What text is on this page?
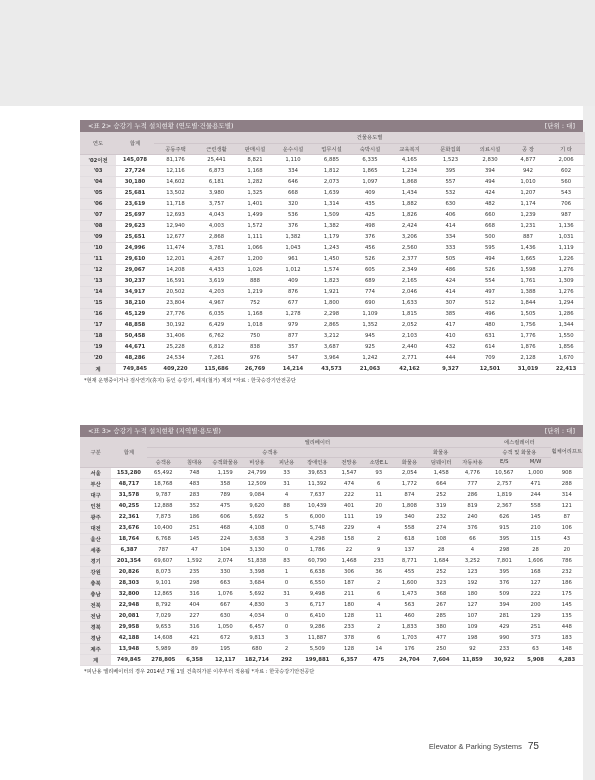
<표 2> 승강기 누적 설치현황 (연도별·건물용도별)	[단위 : 대]
연도	합계	건물용도별										
		공동주택	근린생활	판매시설	운수시설	업무시설	숙박시설	교육복지	문화집회	의료시설	공 장	기 타
'02이전	145,078	81,176	25,441	8,821	1,110	6,885	6,335	4,165	1,523	2,830	4,877	2,006
'03	27,724	12,116	6,873	1,168	334	1,812	1,865	1,234	395	394	942	602
'04	30,180	14,602	6,181	1,282	646	2,073	1,097	1,868	557	494	1,010	560
'05	25,681	13,502	3,980	1,325	668	1,639	409	1,434	532	424	1,207	543
'06	23,619	11,718	3,757	1,401	320	1,314	435	1,882	630	482	1,174	706
'07	25,697	12,693	4,043	1,499	536	1,509	425	1,826	406	660	1,239	987
'08	29,623	12,940	4,003	1,572	376	1,382	498	2,424	414	668	1,231	1,136
'09	25,651	12,677	2,868	1,111	1,382	1,179	376	3,206	334	500	887	1,031
'10	24,996	11,474	3,781	1,066	1,043	1,243	456	2,560	333	595	1,436	1,119
'11	29,610	12,201	4,267	1,200	961	1,450	526	2,377	505	494	1,665	1,226
'12	29,067	14,208	4,433	1,026	1,012	1,574	605	2,349	486	526	1,598	1,276
'13	30,237	16,591	3,619	888	409	1,823	689	2,165	424	554	1,761	1,309
'14	34,917	20,502	4,203	1,219	876	1,921	774	2,046	414	497	1,388	1,276
'15	38,210	23,804	4,967	752	677	1,800	690	1,633	307	512	1,844	1,294
'16	45,129	27,776	6,035	1,168	1,278	2,298	1,109	1,815	385	496	1,505	1,286
'17	48,858	30,192	6,429	1,018	979	2,865	1,352	2,052	417	480	1,756	1,344
'18	50,458	31,406	6,762	750	877	3,212	945	2,103	410	631	1,776	1,550
'19	44,671	25,228	6,812	838	357	3,687	925	2,440	432	614	1,876	1,856
'20	48,286	24,534	7,261	976	547	3,964	1,242	2,771	444	709	2,128	1,670
계	749,845	409,220	115,686	26,769	14,214	43,573	21,063	42,162	9,327	12,501	31,019	22,413
*현재 운행중이거나 검사연기(휴지) 등인 승강기, 폐지(철거) 제외 *자료 : 한국승강기안전공단
<표 3> 승강기 누적 설치현황 (지역별·용도별)	[단위 : 대]
구분	합계	엘리베이터											에스컬레이터		휠체어리프트
		승객용								화물용			승객 및 화물용		
		승객용	침대용	승객화물용	비상용	피난용	장애인용	전망용	소방E.L	화물용	덤웨이터	자동차용	E/S	M/W	
서울	153,280	65,492	748	1,159	24,799	33	39,653	1,547	93	2,054	1,458	4,776	10,567	1,000	908
부산	48,717	18,768	483	358	12,509	31	11,392	474	6	1,772	664	777	2,757	471	288
대구	31,578	9,787	283	789	9,084	4	7,637	222	11	874	252	286	1,819	244	314
인천	40,255	12,888	352	475	9,620	88	10,439	401	20	1,808	319	819	2,367	558	121
광주	22,361	7,873	186	606	5,692	5	6,000	111	19	340	232	240	626	145	87
대전	23,676	10,400	251	468	4,108	0	5,748	229	4	558	274	376	915	210	106
울산	18,764	6,768	145	224	3,638	3	4,298	158	2	618	108	66	395	115	43
세종	6,387	787	47	104	3,130	0	1,786	22	9	137	28	4	298	28	20
경기	201,354	69,607	1,592	2,074	51,838	83	60,790	1,468	233	8,771	1,684	3,252	7,801	1,606	786
강원	20,826	8,073	235	330	3,398	1	6,638	306	36	455	252	123	395	168	232
충북	28,303	9,101	298	663	3,684	0	6,550	187	2	1,600	323	192	376	127	186
충남	32,800	12,865	316	1,076	5,692	31	9,498	211	6	1,473	368	180	509	222	175
전북	22,948	8,792	404	667	4,830	3	6,717	180	4	563	267	127	394	200	145
전남	20,081	7,029	227	630	4,034	0	6,410	128	11	460	285	107	281	129	135
경북	29,958	9,653	316	1,050	6,457	0	9,286	233	2	1,833	380	109	429	251	448
경남	42,188	14,608	421	672	9,813	3	11,887	378	6	1,703	477	198	990	373	183
제주	13,948	5,989	89	195	680	2	5,509	128	14	176	250	92	233	63	148
계	749,845	278,805	6,358	12,117	182,714	292	199,881	6,357	475	24,704	7,604	11,859	30,922	5,908	4,283
*피난용 엘리베이터의 경우 2014년 7월 1일 건축허가분 이후부터 적용됨 *자료 : 한국승강기안전공단
Elevator & Parking Systems 75
